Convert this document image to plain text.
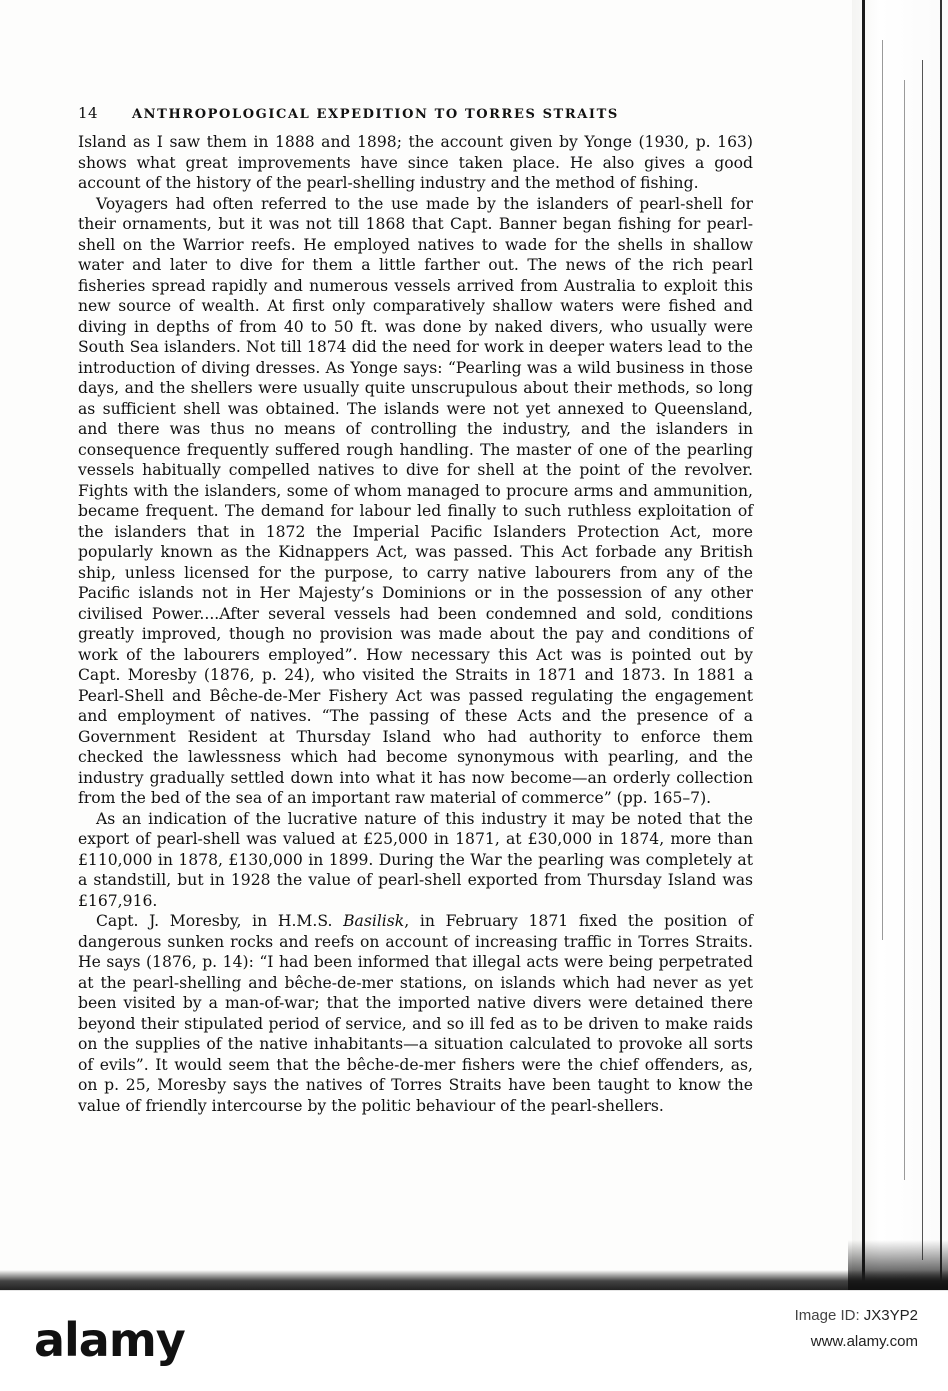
14	ANTHROPOLOGICAL EXPEDITION TO TORRES STRAITS

Island as I saw them in 1888 and 1898; the account given by Yonge (1930, p. 163) shows what great improvements have since taken place. He also gives a good account of the history of the pearl-shelling industry and the method of fishing.

Voyagers had often referred to the use made by the islanders of pearl-shell for their ornaments, but it was not till 1868 that Capt. Banner began fishing for pearl-shell on the Warrior reefs. He employed natives to wade for the shells in shallow water and later to dive for them a little farther out. The news of the rich pearl fisheries spread rapidly and numerous vessels arrived from Australia to exploit this new source of wealth. At first only comparatively shallow waters were fished and diving in depths of from 40 to 50 ft. was done by naked divers, who usually were South Sea islanders. Not till 1874 did the need for work in deeper waters lead to the introduction of diving dresses. As Yonge says: “Pearling was a wild business in those days, and the shellers were usually quite unscrupulous about their methods, so long as sufficient shell was obtained. The islands were not yet annexed to Queensland, and there was thus no means of controlling the industry, and the islanders in consequence frequently suffered rough handling. The master of one of the pearling vessels habitually compelled natives to dive for shell at the point of the revolver. Fights with the islanders, some of whom managed to procure arms and ammunition, became frequent. The demand for labour led finally to such ruthless exploitation of the islanders that in 1872 the Imperial Pacific Islanders Protection Act, more popularly known as the Kidnappers Act, was passed. This Act forbade any British ship, unless licensed for the purpose, to carry native labourers from any of the Pacific islands not in Her Majesty’s Dominions or in the possession of any other civilised Power....After several vessels had been condemned and sold, conditions greatly improved, though no provision was made about the pay and conditions of work of the labourers employed”. How necessary this Act was is pointed out by Capt. Moresby (1876, p. 24), who visited the Straits in 1871 and 1873. In 1881 a Pearl-Shell and Bêche-de-Mer Fishery Act was passed regulating the engagement and employment of natives. “The passing of these Acts and the presence of a Government Resident at Thursday Island who had authority to enforce them checked the lawlessness which had become synonymous with pearling, and the industry gradually settled down into what it has now become—an orderly collection from the bed of the sea of an important raw material of commerce” (pp. 165–7).

As an indication of the lucrative nature of this industry it may be noted that the export of pearl-shell was valued at £25,000 in 1871, at £30,000 in 1874, more than £110,000 in 1878, £130,000 in 1899. During the War the pearling was completely at a standstill, but in 1928 the value of pearl-shell exported from Thursday Island was £167,916.

Capt. J. Moresby, in H.M.S. Basilisk, in February 1871 fixed the position of dangerous sunken rocks and reefs on account of increasing traffic in Torres Straits. He says (1876, p. 14): “I had been informed that illegal acts were being perpetrated at the pearl-shelling and bêche-de-mer stations, on islands which had never as yet been visited by a man-of-war; that the imported native divers were detained there beyond their stipulated period of service, and so ill fed as to be driven to make raids on the supplies of the native inhabitants—a situation calculated to provoke all sorts of evils”. It would seem that the bêche-de-mer fishers were the chief offenders, as, on p. 25, Moresby says the natives of Torres Straits have been taught to know the value of friendly intercourse by the politic behaviour of the pearl-shellers.

alamy	Image ID: JX3YP2
www.alamy.com
